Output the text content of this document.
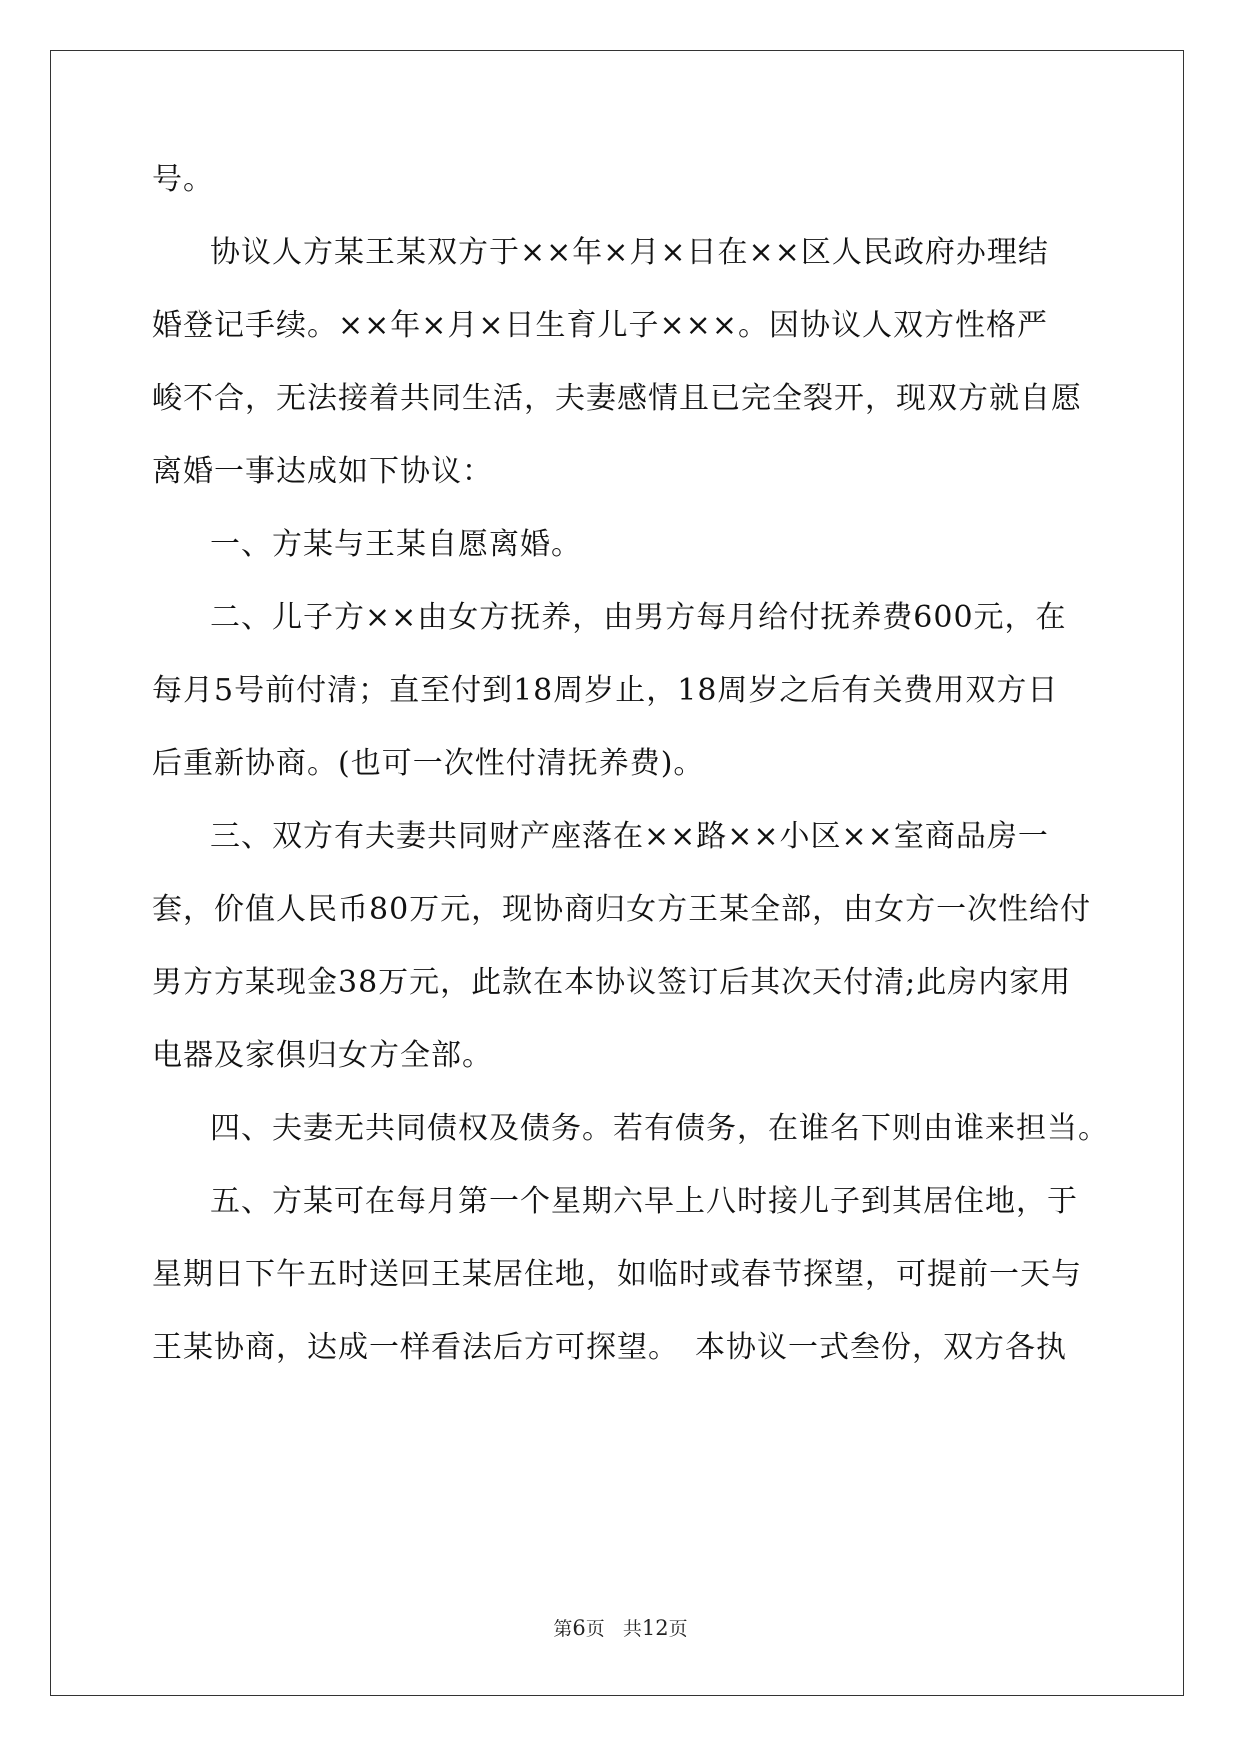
号。
协议人方某王某双方于××年×月×日在××区人民政府办理结
婚登记手续。××年×月×日生育儿子×××。因协议人双方性格严
峻不合，无法接着共同生活，夫妻感情且已完全裂开，现双方就自愿
离婚一事达成如下协议：
一、方某与王某自愿离婚。
二、儿子方××由女方抚养，由男方每月给付抚养费600元，在
每月5号前付清；直至付到18周岁止，18周岁之后有关费用双方日
后重新协商。(也可一次性付清抚养费)。
三、双方有夫妻共同财产座落在××路××小区××室商品房一
套，价值人民币80万元，现协商归女方王某全部，由女方一次性给付
男方方某现金38万元，此款在本协议签订后其次天付清;此房内家用
电器及家俱归女方全部。
四、夫妻无共同债权及债务。若有债务，在谁名下则由谁来担当。
五、方某可在每月第一个星期六早上八时接儿子到其居住地，于
星期日下午五时送回王某居住地，如临时或春节探望，可提前一天与
王某协商，达成一样看法后方可探望。　本协议一式叁份，双方各执
第6页 共12页
